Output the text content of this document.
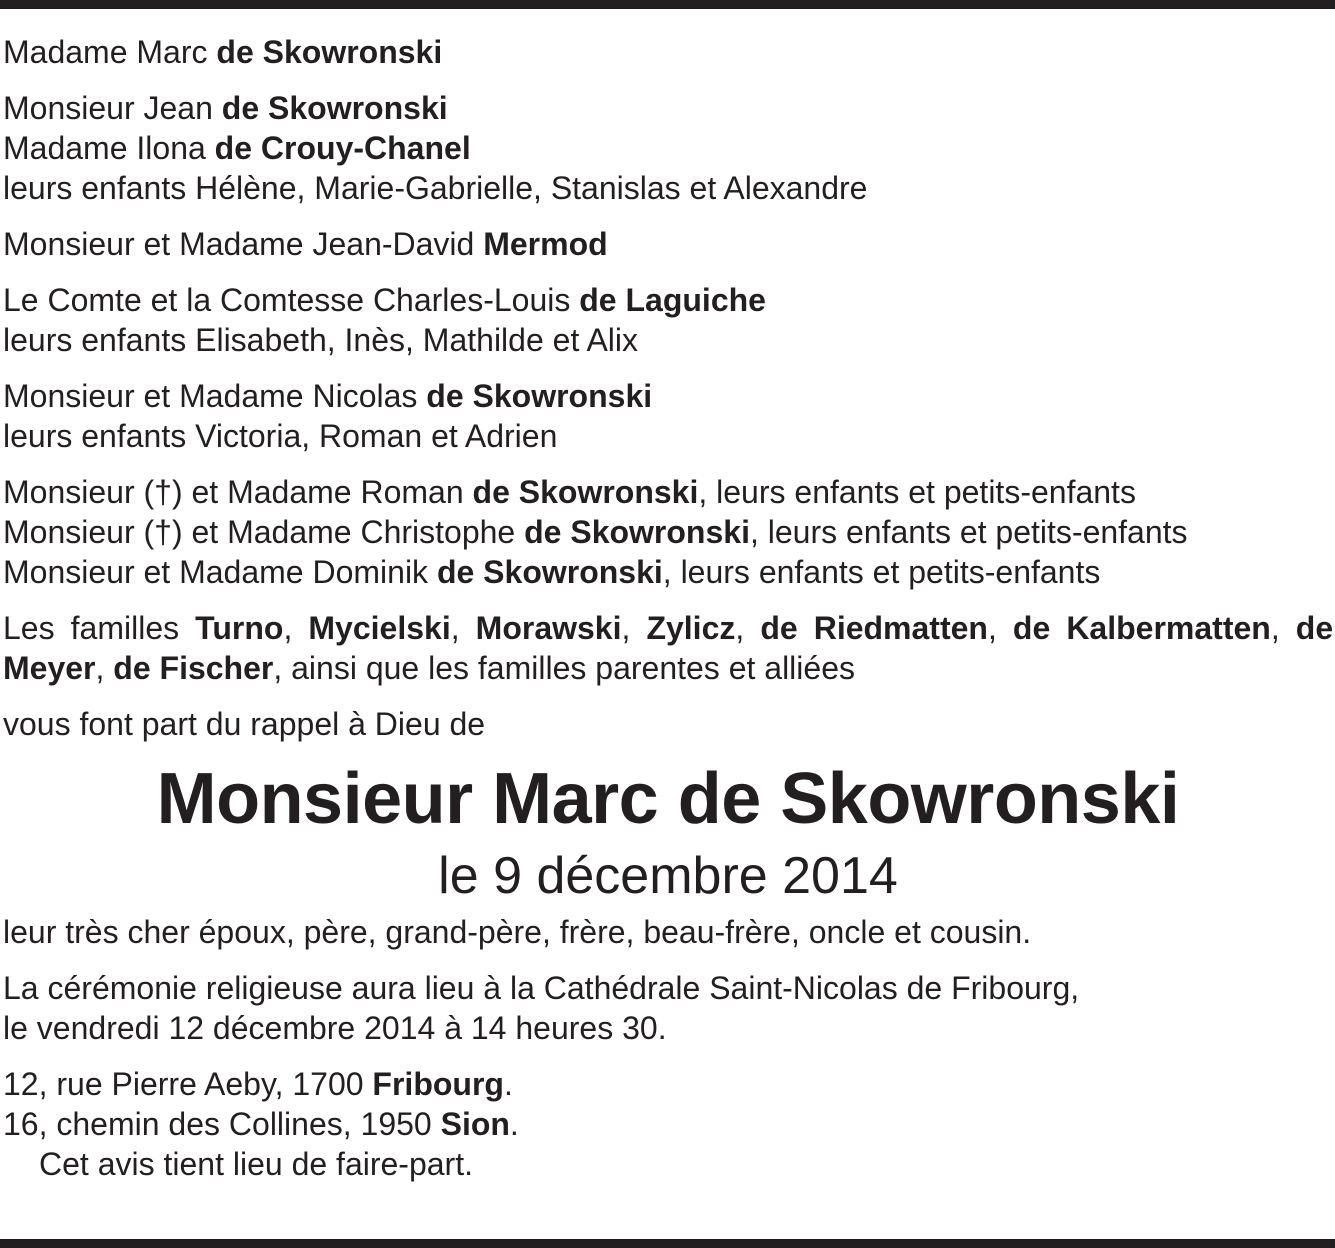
Madame Marc de Skowronski
Monsieur Jean de Skowronski
Madame Ilona de Crouy-Chanel
leurs enfants Hélène, Marie-Gabrielle, Stanislas et Alexandre
Monsieur et Madame Jean-David Mermod
Le Comte et la Comtesse Charles-Louis de Laguiche
leurs enfants Elisabeth, Inès, Mathilde et Alix
Monsieur et Madame Nicolas de Skowronski
leurs enfants Victoria, Roman et Adrien
Monsieur (†) et Madame Roman de Skowronski, leurs enfants et petits-enfants
Monsieur (†) et Madame Christophe de Skowronski, leurs enfants et petits-enfants
Monsieur et Madame Dominik de Skowronski, leurs enfants et petits-enfants
Les familles Turno, Mycielski, Morawski, Zylicz, de Riedmatten, de Kalbermatten, de Meyer, de Fischer, ainsi que les familles parentes et alliées
vous font part du rappel à Dieu de
Monsieur Marc de Skowronski
le 9 décembre 2014
leur très cher époux, père, grand-père, frère, beau-frère, oncle et cousin.
La cérémonie religieuse aura lieu à la Cathédrale Saint-Nicolas de Fribourg,
le vendredi 12 décembre 2014 à 14 heures 30.
12, rue Pierre Aeby, 1700 Fribourg.
16, chemin des Collines, 1950 Sion.
Cet avis tient lieu de faire-part.
